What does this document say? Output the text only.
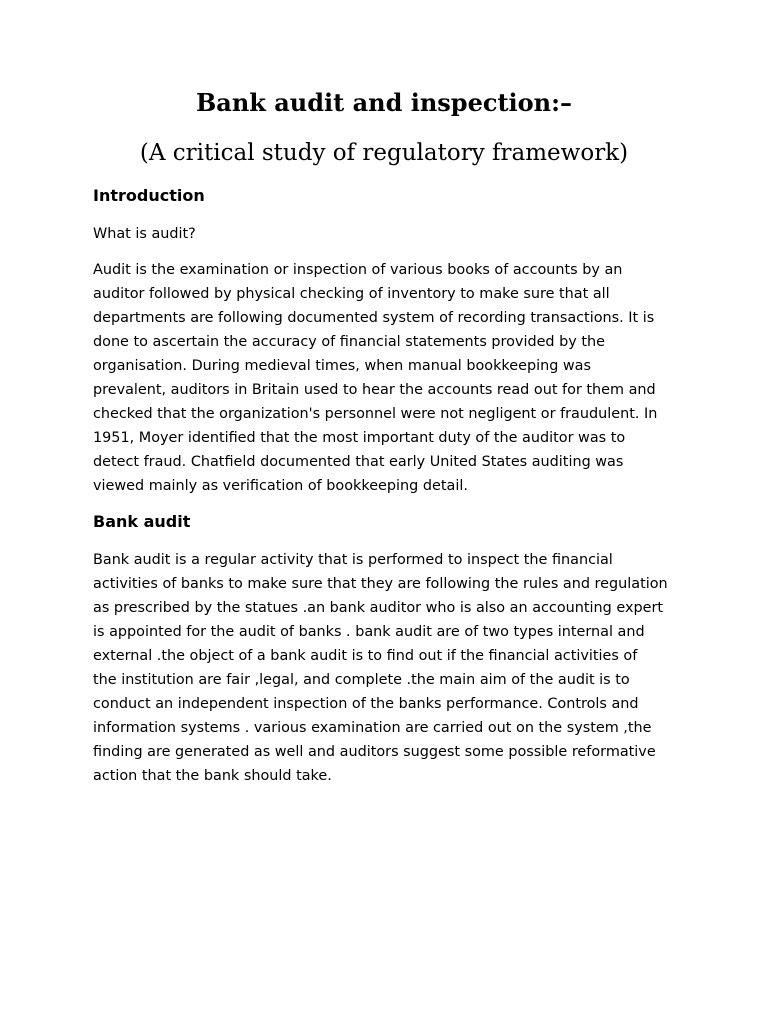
Bank audit and inspection:–
(A critical study of regulatory framework)
Introduction

What is audit?

Audit is the examination or inspection of various books of accounts by an
auditor followed by physical checking of inventory to make sure that all
departments are following documented system of recording transactions. It is
done to ascertain the accuracy of financial statements provided by the
organisation. During medieval times, when manual bookkeeping was
prevalent, auditors in Britain used to hear the accounts read out for them and
checked that the organization's personnel were not negligent or fraudulent. In
1951, Moyer identified that the most important duty of the auditor was to
detect fraud. Chatfield documented that early United States auditing was
viewed mainly as verification of bookkeeping detail.
Bank audit
Bank audit is a regular activity that is performed to inspect the financial
activities of banks to make sure that they are following the rules and regulation
as prescribed by the statues .an bank auditor who is also an accounting expert
is appointed for the audit of banks . bank audit are of two types internal and
external .the object of a bank audit is to find out if the financial activities of
the institution are fair ,legal, and complete .the main aim of the audit is to
conduct an independent inspection of the banks performance. Controls and
information systems . various examination are carried out on the system ,the
finding are generated as well and auditors suggest some possible reformative
action that the bank should take.
